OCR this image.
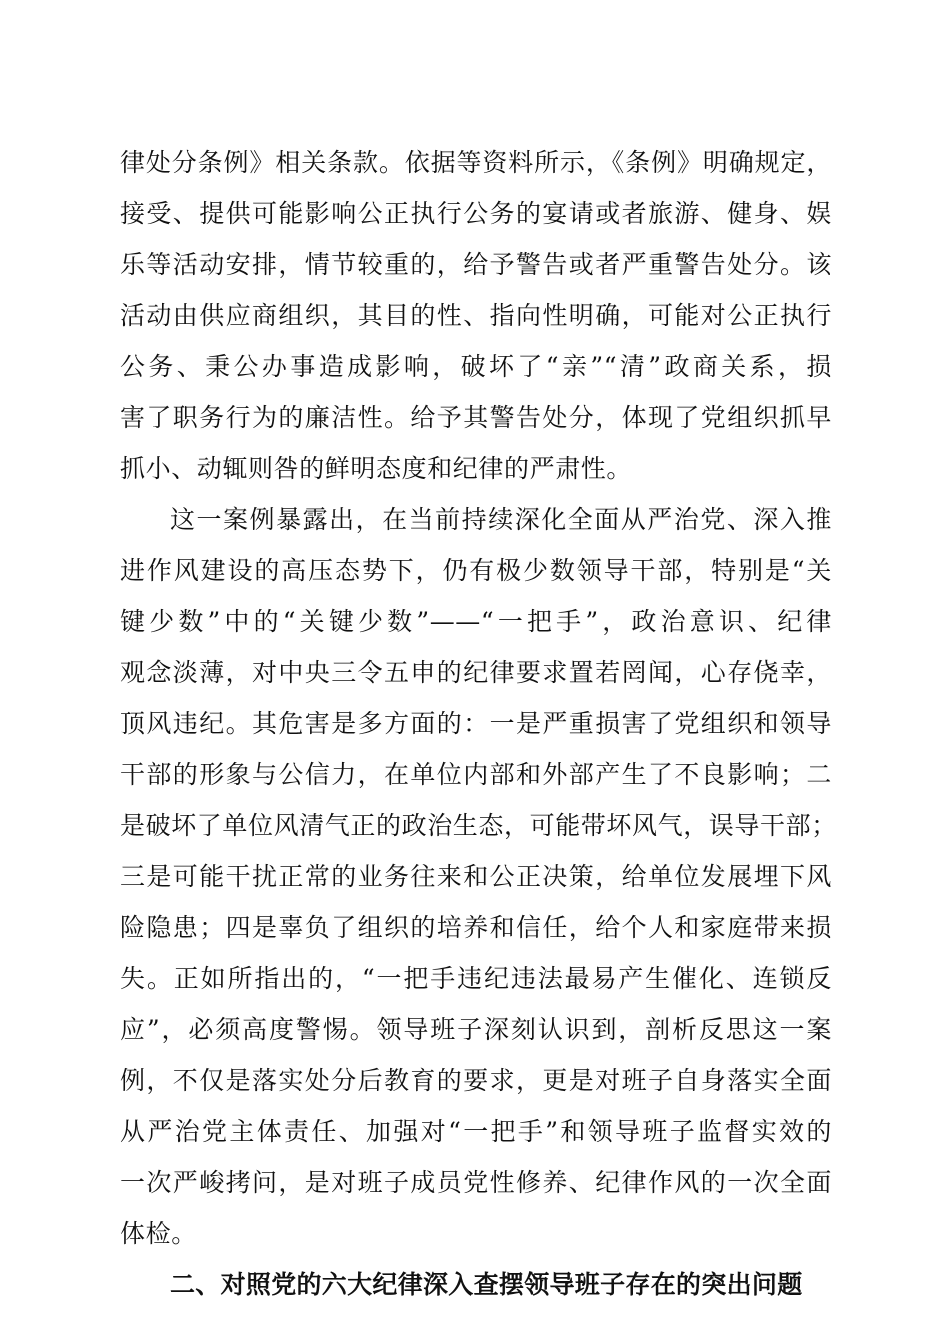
律处分条例》相关条款。依据等资料所示，《条例》明确规定，
接受、提供可能影响公正执行公务的宴请或者旅游、健身、娱
乐等活动安排，情节较重的，给予警告或者严重警告处分。该
活动由供应商组织，其目的性、指向性明确，可能对公正执行
公务、秉公办事造成影响，破坏了“亲”“清”政商关系，损
害了职务行为的廉洁性。给予其警告处分，体现了党组织抓早
抓小、动辄则咎的鲜明态度和纪律的严肃性。
这一案例暴露出，在当前持续深化全面从严治党、深入推
进作风建设的高压态势下，仍有极少数领导干部，特别是“关
键少数”中的“关键少数”——“一把手”，政治意识、纪律
观念淡薄，对中央三令五申的纪律要求置若罔闻，心存侥幸，
顶风违纪。其危害是多方面的：一是严重损害了党组织和领导
干部的形象与公信力，在单位内部和外部产生了不良影响；二
是破坏了单位风清气正的政治生态，可能带坏风气，误导干部；
三是可能干扰正常的业务往来和公正决策，给单位发展埋下风
险隐患；四是辜负了组织的培养和信任，给个人和家庭带来损
失。正如所指出的，“一把手违纪违法最易产生催化、连锁反
应”，必须高度警惕。领导班子深刻认识到，剖析反思这一案
例，不仅是落实处分后教育的要求，更是对班子自身落实全面
从严治党主体责任、加强对“一把手”和领导班子监督实效的
一次严峻拷问，是对班子成员党性修养、纪律作风的一次全面
体检。
二、对照党的六大纪律深入查摆领导班子存在的突出问题
